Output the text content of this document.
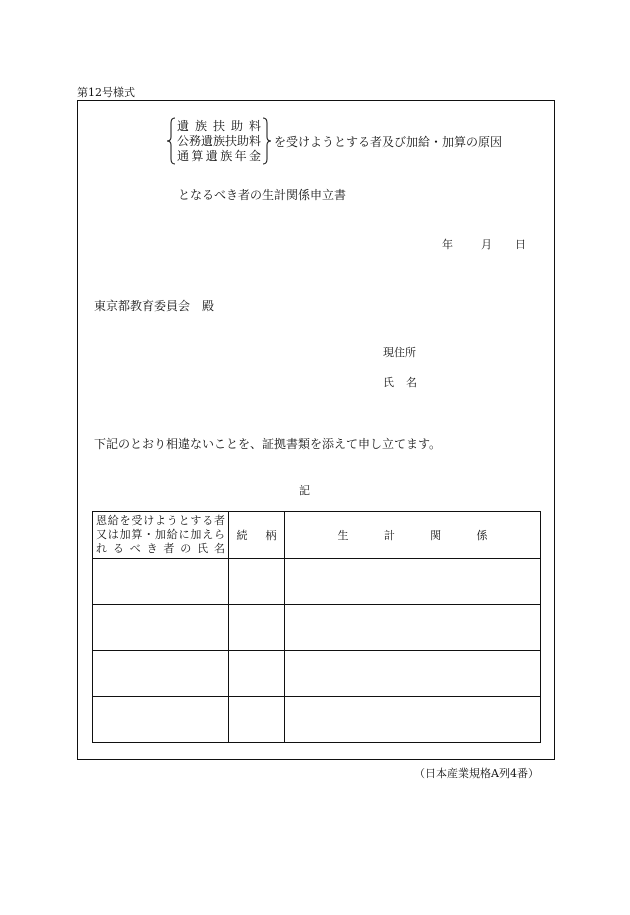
第12号様式
遺族扶助料
公務遺族扶助料
通算遺族年金
を受けようとする者及び加給・加算の原因
となるべき者の生計関係申立書
年	月 日
東京都教育委員会　殿
現住所
氏名
下記のとおり相違ないことを、証拠書類を添えて申し立てます。
記
恩給を受けようとする者又は加算・加給に加えられるべき者の氏名	続柄	生計関係

（日本産業規格A列4番）
